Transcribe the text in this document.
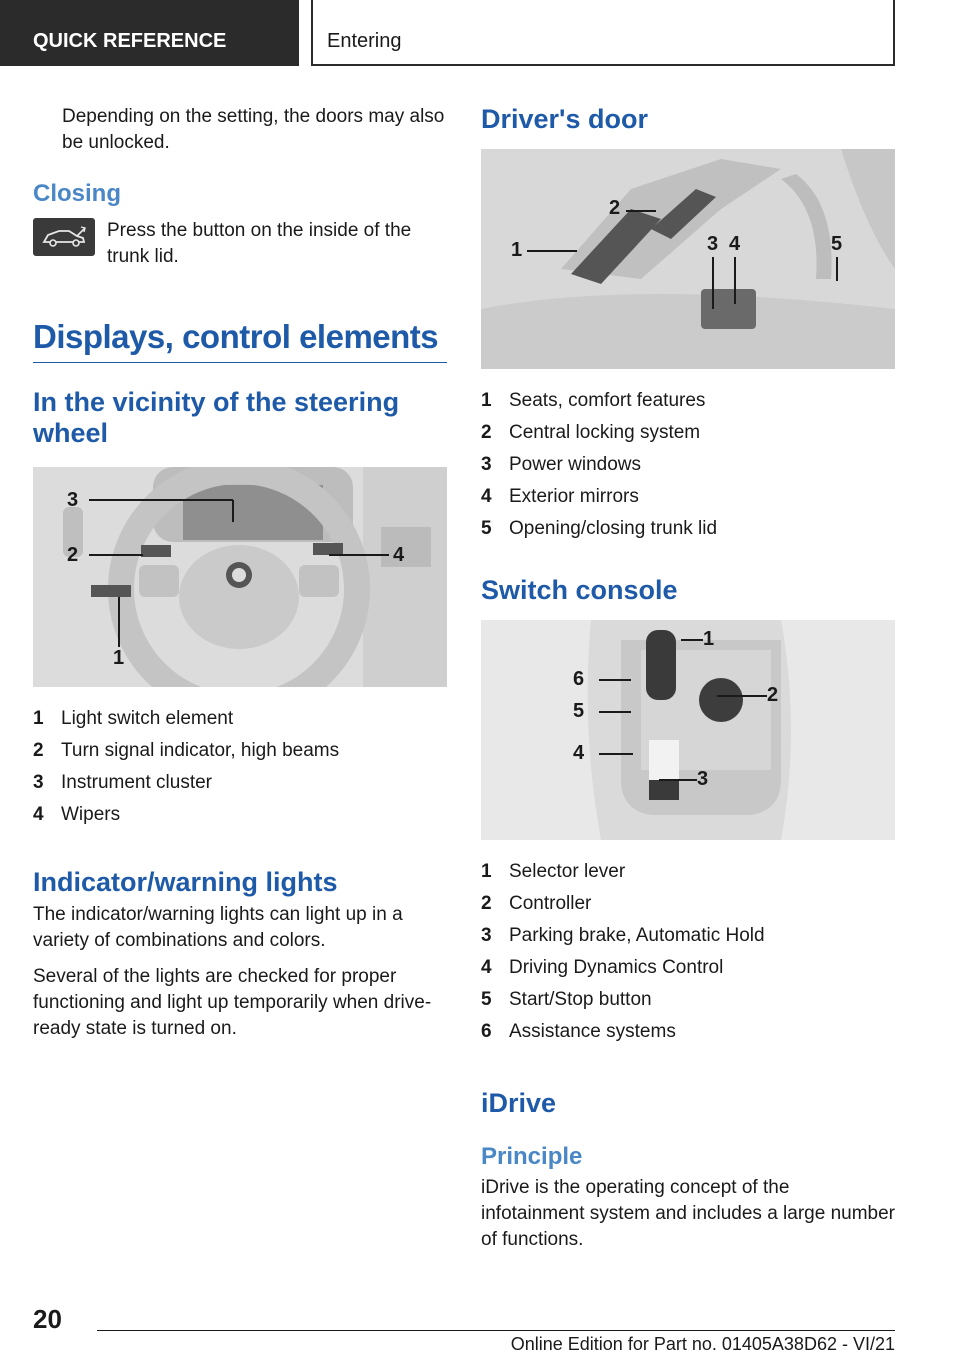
QUICK REFERENCE	Entering

Depending on the setting, the doors may also be unlocked.

Closing

Press the button on the inside of the trunk lid.

Displays, control elements
In the vicinity of the steering wheel
3
2	4
1
1 Light switch element
2 Turn signal indicator, high beams
3 Instrument cluster
4 Wipers
Indicator/warning lights

The indicator/warning lights can light up in a variety of combinations and colors.

Several of the lights are checked for proper functioning and light up temporarily when drive-ready state is turned on.

Driver's door
2
1	3 4	5
1 Seats, comfort features
2 Central locking system
3 Power windows
4 Exterior mirrors
5 Opening/closing trunk lid
Switch console
1
6
2
5
4
3
1 Selector lever
2 Controller
3 Parking brake, Automatic Hold
4 Driving Dynamics Control
5 Start/Stop button
6 Assistance systems
iDrive
Principle

iDrive is the operating concept of the infotainment system and includes a large number of functions.

20
Online Edition for Part no. 01405A38D62 - VI/21
